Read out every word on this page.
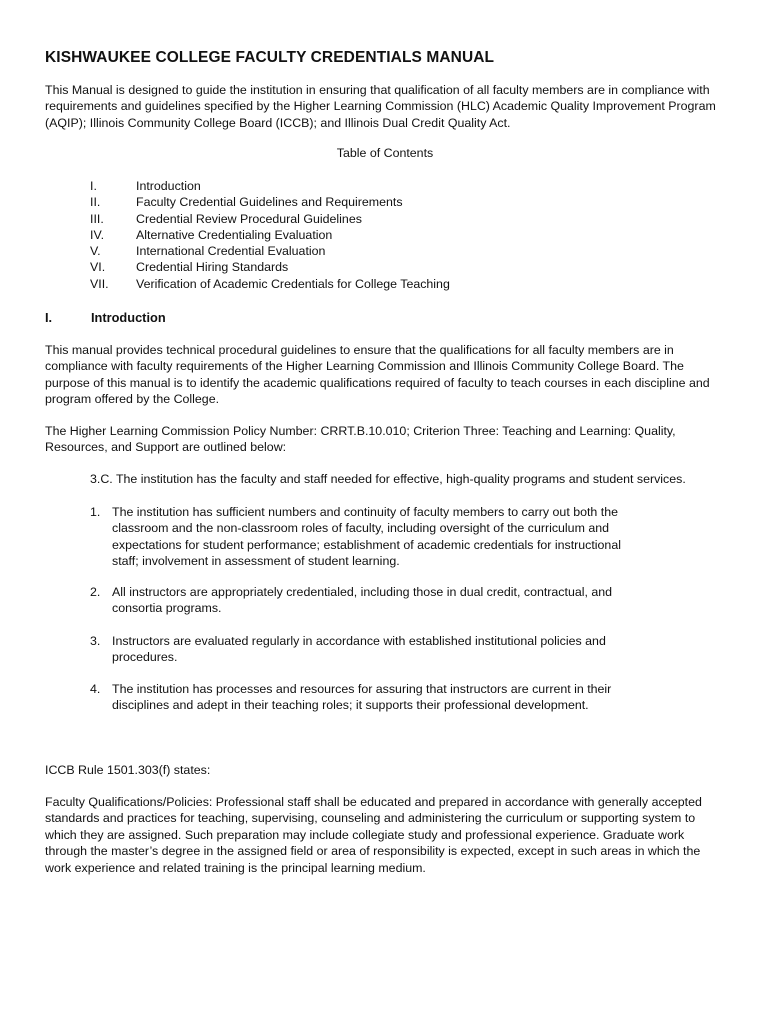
KISHWAUKEE COLLEGE FACULTY CREDENTIALS MANUAL

This Manual is designed to guide the institution in ensuring that qualification of all faculty members are in compliance with requirements and guidelines specified by the Higher Learning Commission (HLC) Academic Quality Improvement Program (AQIP); Illinois Community College Board (ICCB); and Illinois Dual Credit Quality Act.

Table of Contents

I.	Introduction
II.	Faculty Credential Guidelines and Requirements
III.	Credential Review Procedural Guidelines
IV.	Alternative Credentialing Evaluation
V.	International Credential Evaluation
VI. Credential Hiring Standards
VII. Verification of Academic Credentials for College Teaching
I.	Introduction

This manual provides technical procedural guidelines to ensure that the qualifications for all faculty members are in compliance with faculty requirements of the Higher Learning Commission and Illinois Community College Board. The purpose of this manual is to identify the academic qualifications required of faculty to teach courses in each discipline and program offered by the College.

The Higher Learning Commission Policy Number: CRRT.B.10.010; Criterion Three: Teaching and Learning: Quality, Resources, and Support are outlined below:

3.C. The institution has the faculty and staff needed for effective, high-quality programs and student services.

1. The institution has sufficient numbers and continuity of faculty members to carry out both the classroom and the non-classroom roles of faculty, including oversight of the curriculum and expectations for student performance; establishment of academic credentials for instructional staff; involvement in assessment of student learning.
2. All instructors are appropriately credentialed, including those in dual credit, contractual, and consortia programs.
3. Instructors are evaluated regularly in accordance with established institutional policies and procedures.
4. The institution has processes and resources for assuring that instructors are current in their disciplines and adept in their teaching roles; it supports their professional development.

ICCB Rule 1501.303(f) states:

Faculty Qualifications/Policies: Professional staff shall be educated and prepared in accordance with generally accepted standards and practices for teaching, supervising, counseling and administering the curriculum or supporting system to which they are assigned. Such preparation may include collegiate study and professional experience. Graduate work through the master’s degree in the assigned field or area of responsibility is expected, except in such areas in which the work experience and related training is the principal learning medium.
